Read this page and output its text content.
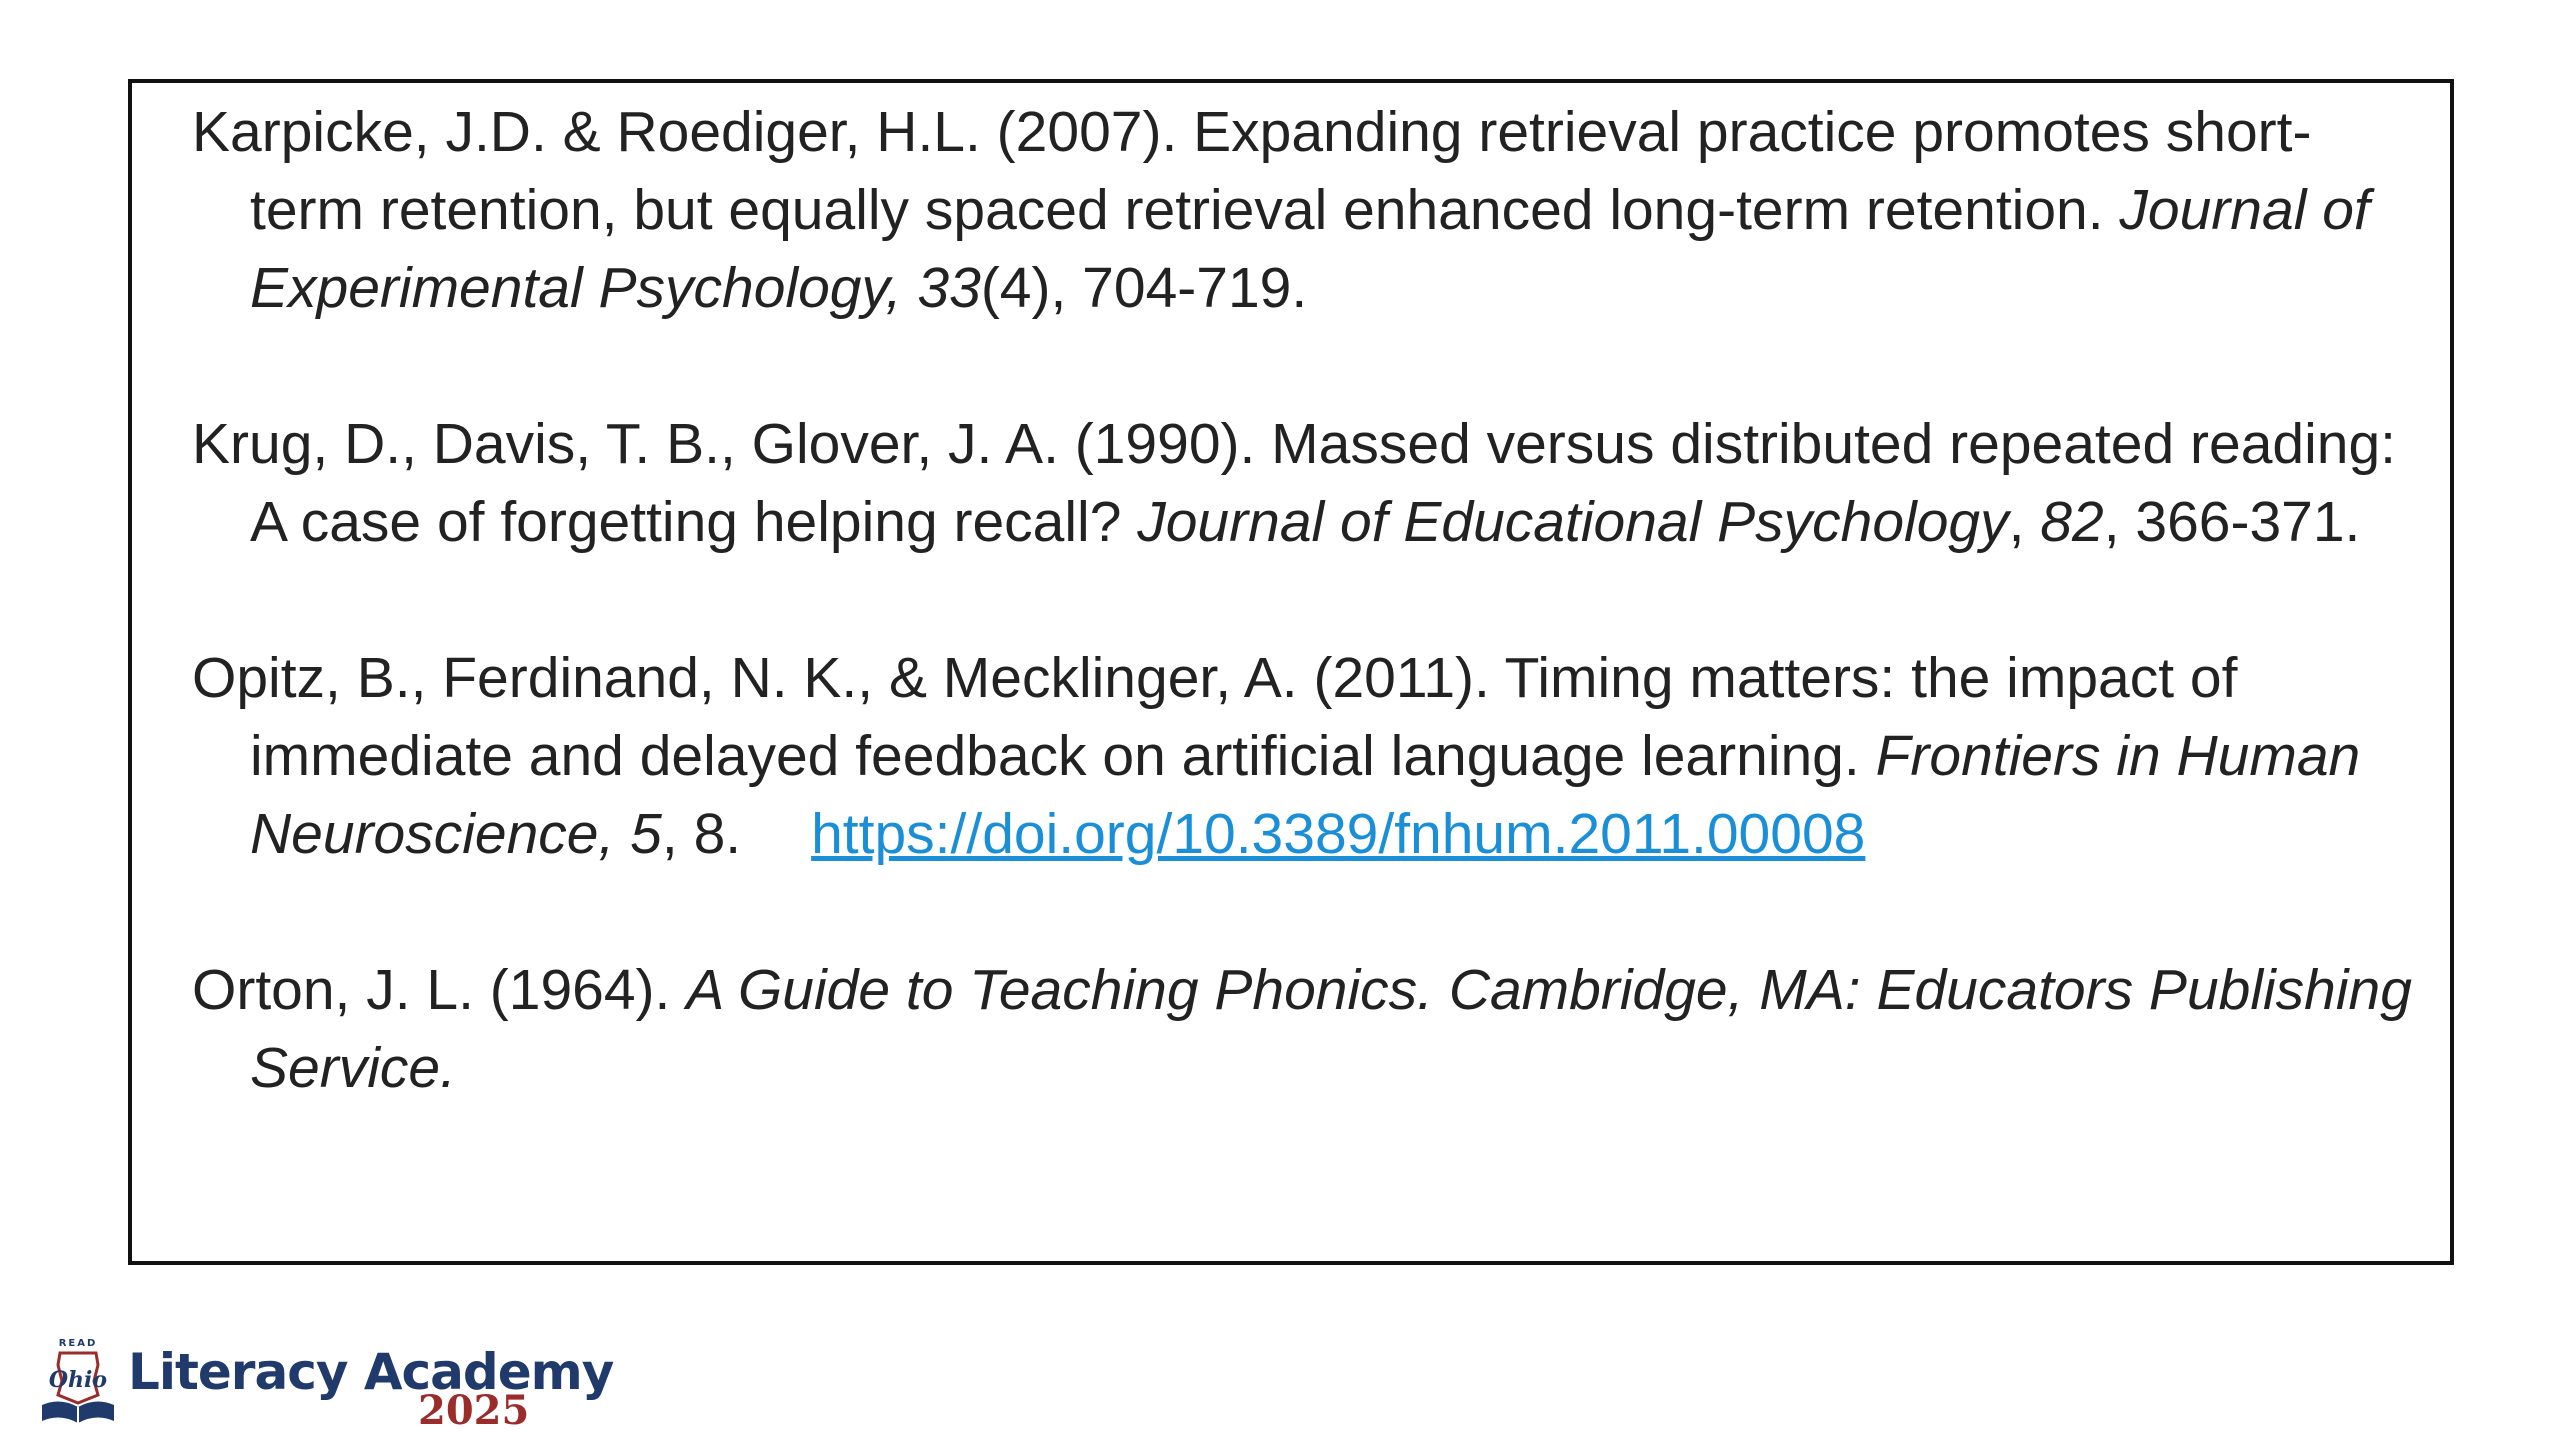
Karpicke, J.D. & Roediger, H.L. (2007). Expanding retrieval practice promotes short-term retention, but equally spaced retrieval enhanced long-term retention. Journal of Experimental Psychology, 33(4), 704-719.

Krug, D., Davis, T. B., Glover, J. A. (1990). Massed versus distributed repeated reading: A case of forgetting helping recall? Journal of Educational Psychology, 82, 366-371.

Opitz, B., Ferdinand, N. K., & Mecklinger, A. (2011). Timing matters: the impact of immediate and delayed feedback on artificial language learning. Frontiers in Human Neuroscience, 5, 8. https://doi.org/10.3389/fnhum.2011.00008

Orton, J. L. (1964). A Guide to Teaching Phonics. Cambridge, MA: Educators Publishing Service.

READ
Ohio Literacy Academy
2025
